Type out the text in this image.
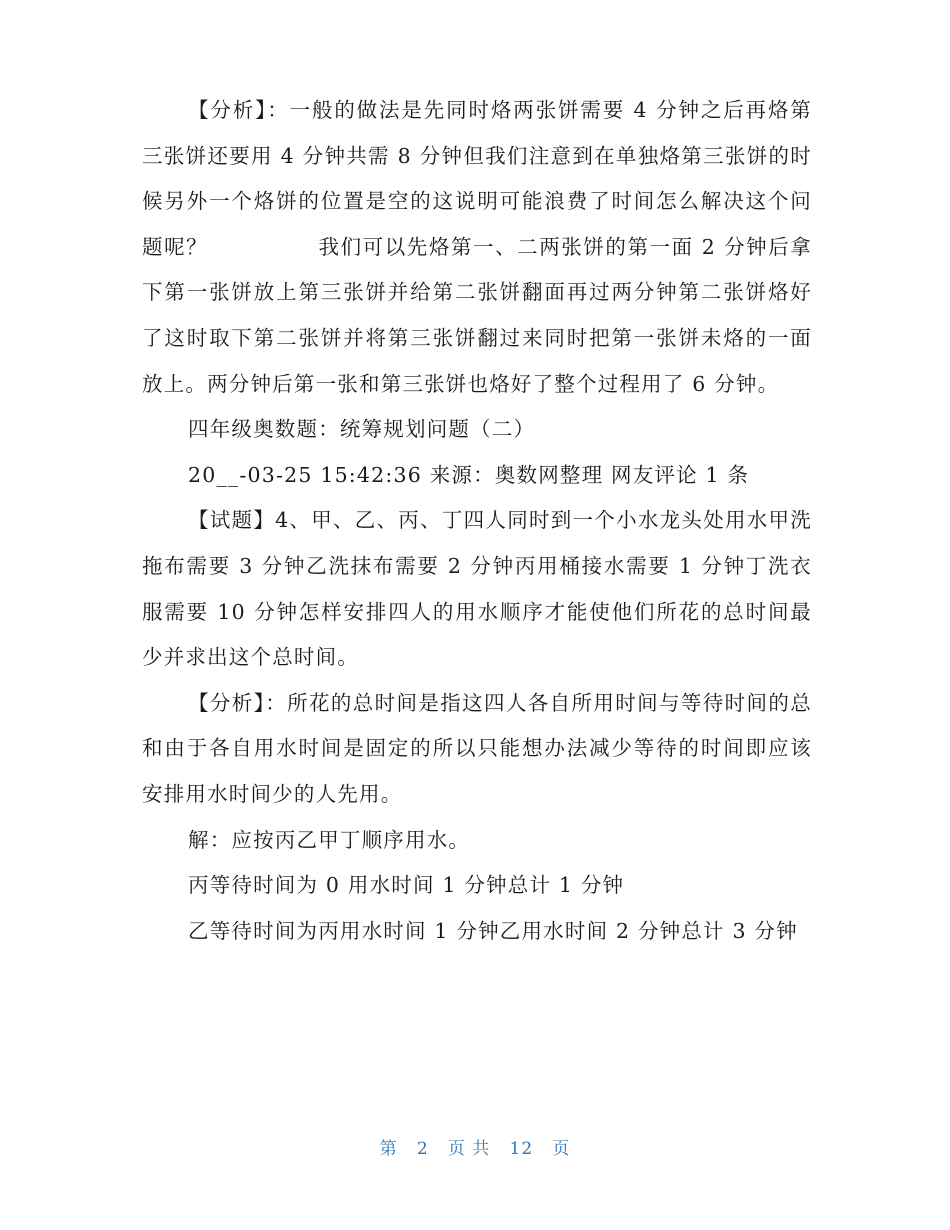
【分析】：一般的做法是先同时烙两张饼需要 4 分钟之后再烙第三张饼还要用 4 分钟共需 8 分钟但我们注意到在单独烙第三张饼的时候另外一个烙饼的位置是空的这说明可能浪费了时间怎么解决这个问题呢？　　　　　我们可以先烙第一、二两张饼的第一面 2 分钟后拿下第一张饼放上第三张饼并给第二张饼翻面再过两分钟第二张饼烙好了这时取下第二张饼并将第三张饼翻过来同时把第一张饼未烙的一面放上。两分钟后第一张和第三张饼也烙好了整个过程用了 6 分钟。

四年级奥数题：统筹规划问题（二）

20__-03-25 15:42:36 来源：奥数网整理 网友评论 1 条

【试题】4、甲、乙、丙、丁四人同时到一个小水龙头处用水甲洗拖布需要 3 分钟乙洗抹布需要 2 分钟丙用桶接水需要 1 分钟丁洗衣服需要 10 分钟怎样安排四人的用水顺序才能使他们所花的总时间最少并求出这个总时间。

【分析】：所花的总时间是指这四人各自所用时间与等待时间的总和由于各自用水时间是固定的所以只能想办法减少等待的时间即应该安排用水时间少的人先用。

解：应按丙乙甲丁顺序用水。

丙等待时间为 0 用水时间 1 分钟总计 1 分钟

乙等待时间为丙用水时间 1 分钟乙用水时间 2 分钟总计 3 分钟

第 2 页 共 12 页
